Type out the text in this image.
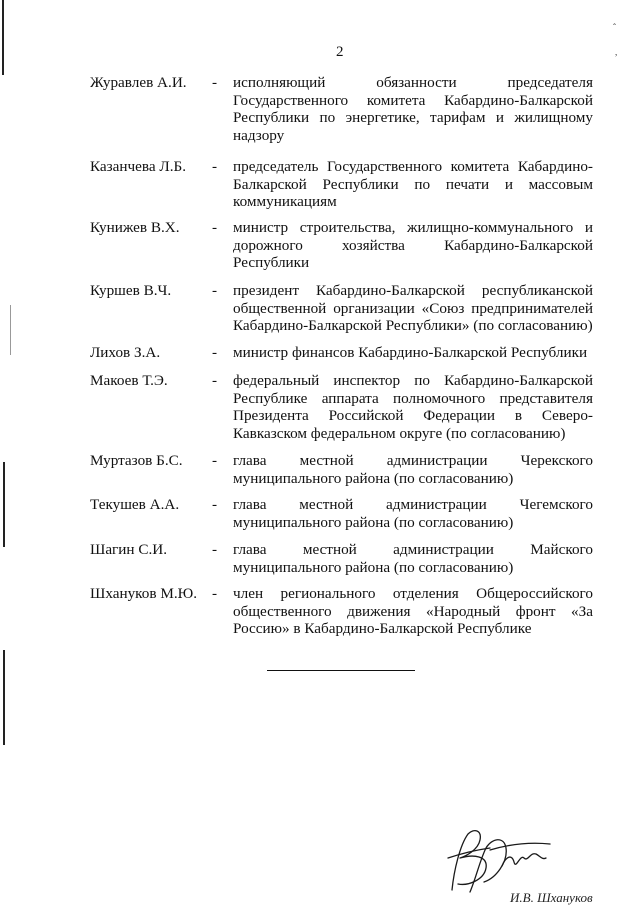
ˆ
,
2
Журавлев А.И. - исполняющий обязанности председателя Государственного комитета Кабардино-Балкарской Республики по энергетике, тарифам и жилищному надзору
Казанчева Л.Б. - председатель Государственного комитета Кабардино-Балкарской Республики по печати и массовым коммуникациям
Кунижев В.Х. - министр строительства, жилищно-коммунального и дорожного хозяйства Кабардино-Балкарской Республики
Куршев В.Ч.	- президент Кабардино-Балкарской республиканской общественной организации «Союз предпринимателей Кабардино-Балкарской Республики» (по согласованию)
Лихов З.А.	- министр финансов Кабардино-Балкарской Республики
Макоев Т.Э.	- федеральный инспектор по Кабардино-Балкарской Республике аппарата полномочного представителя Президента Российской Федерации в Северо-Кавказском федеральном округе (по согласованию)
Муртазов Б.С. - глава местной администрации Черекского муниципального района (по согласованию)
Текушев А.А. - глава местной администрации Чегемского муниципального района (по согласованию)
Шагин С.И.	- глава местной администрации Майского муниципального района (по согласованию)
Шхануков М.Ю. - член регионального отделения Общероссийского общественного движения «Народный фронт «За Россию» в Кабардино-Балкарской Республике
И.В. Шхануков
